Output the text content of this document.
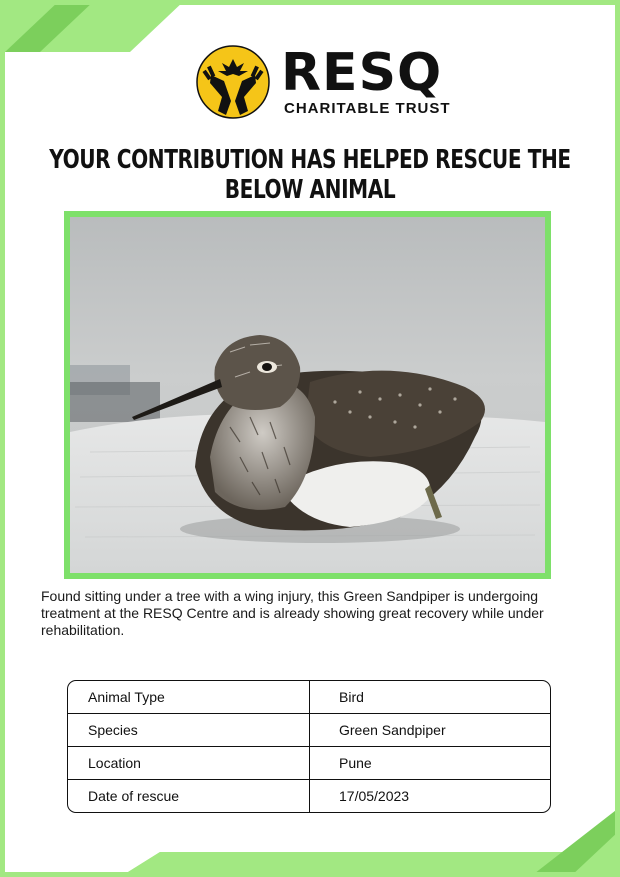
RESQ
CHARITABLE TRUST
YOUR CONTRIBUTION HAS HELPED RESCUE THE BELOW ANIMAL
Found sitting under a tree with a wing injury, this Green Sandpiper is undergoing treatment at the RESQ Centre and is already showing great recovery while under rehabilitation.
Animal Type	Bird
Species	Green Sandpiper
Location	Pune
Date of rescue	17/05/2023
